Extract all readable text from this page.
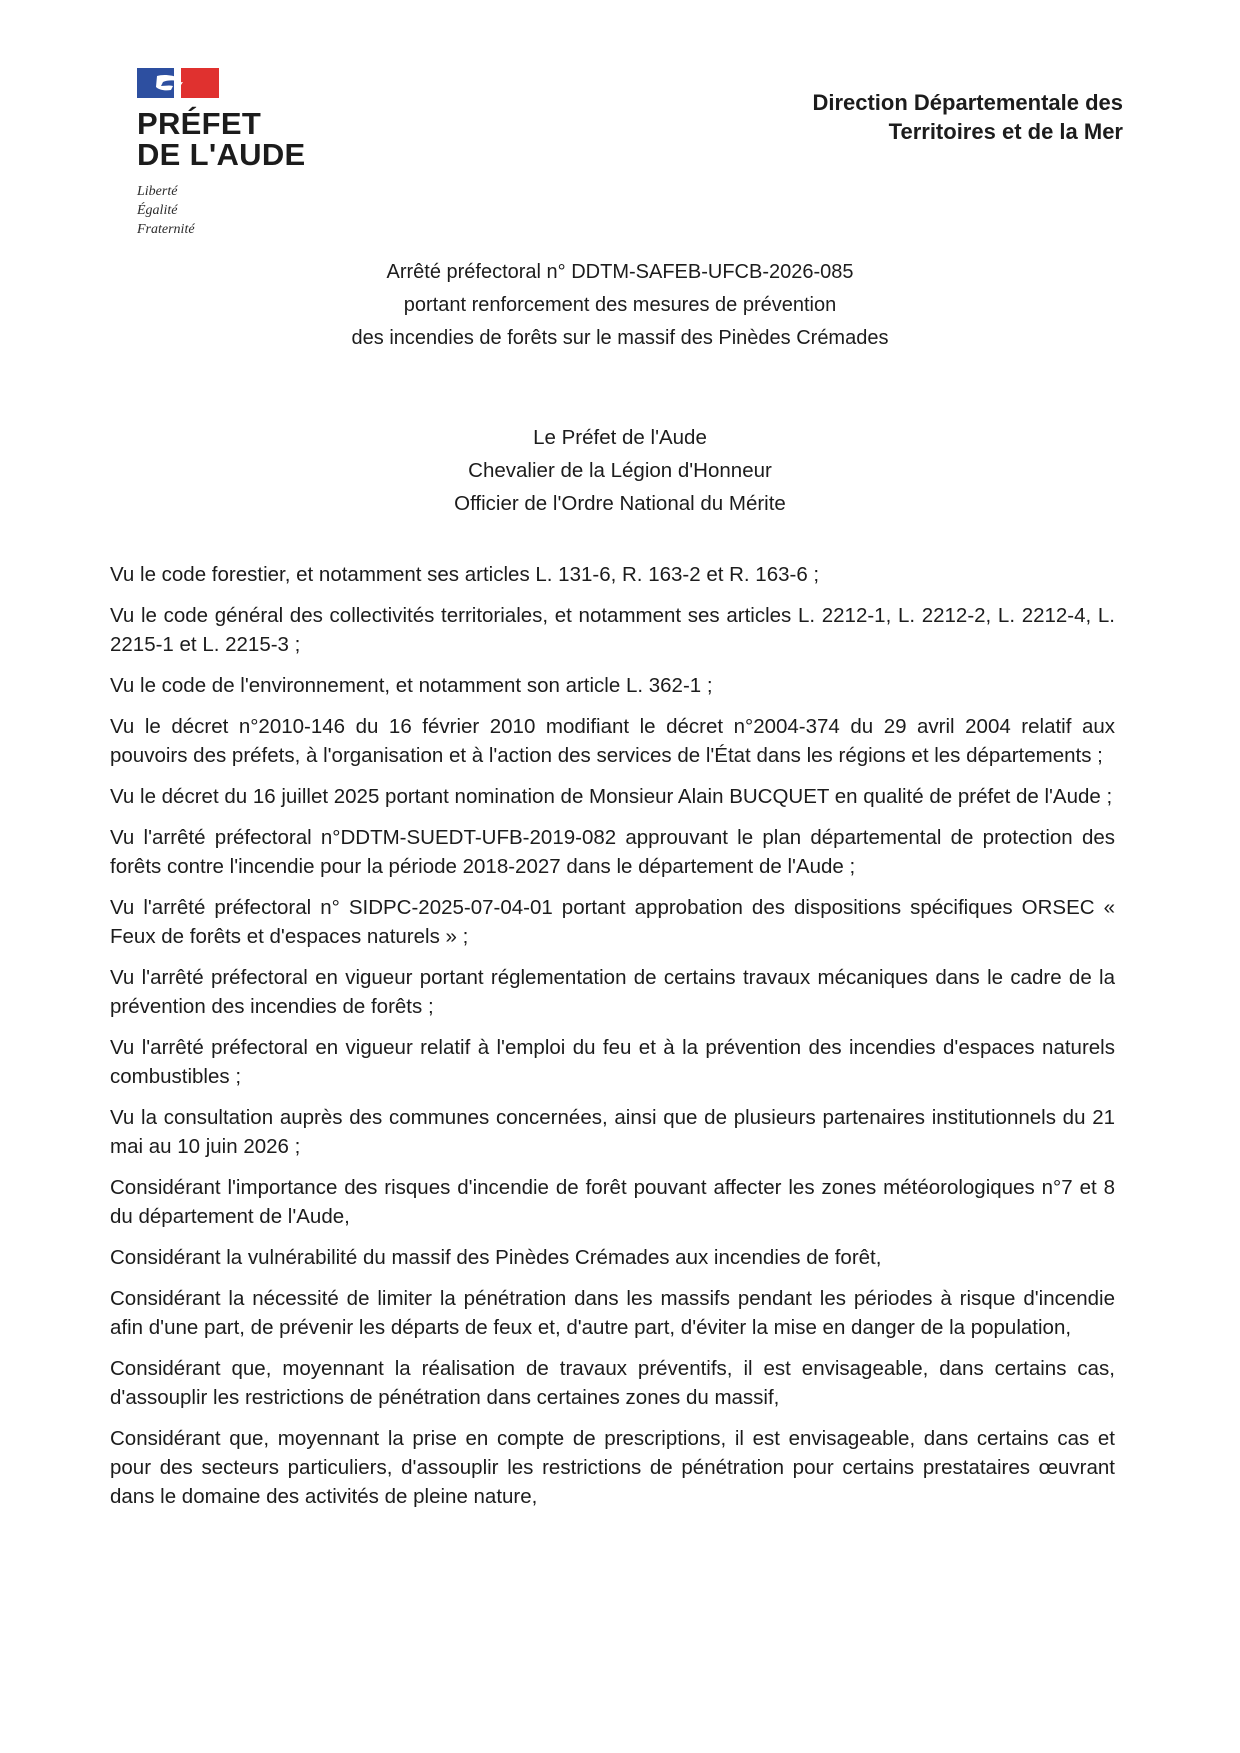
PRÉFET
DE L'AUDE
Liberté
Égalité
Fraternité
Direction Départementale des
Territoires et de la Mer
Arrêté préfectoral n° DDTM-SAFEB-UFCB-2026-085
portant renforcement des mesures de prévention
des incendies de forêts sur le massif des Pinèdes Crémades
Le Préfet de l'Aude
Chevalier de la Légion d'Honneur
Officier de l'Ordre National du Mérite

Vu le code forestier, et notamment ses articles L. 131-6, R. 163-2 et R. 163-6 ;

Vu le code général des collectivités territoriales, et notamment ses articles L. 2212-1, L. 2212-2, L. 2212-4, L. 2215-1 et L. 2215-3 ;

Vu le code de l'environnement, et notamment son article L. 362-1 ;

Vu le décret n°2010-146 du 16 février 2010 modifiant le décret n°2004-374 du 29 avril 2004 relatif aux pouvoirs des préfets, à l'organisation et à l'action des services de l'État dans les régions et les départements ;

Vu le décret du 16 juillet 2025 portant nomination de Monsieur Alain BUCQUET en qualité de préfet de l'Aude ;

Vu l'arrêté préfectoral n°DDTM-SUEDT-UFB-2019-082 approuvant le plan départemental de protection des forêts contre l'incendie pour la période 2018-2027 dans le département de l'Aude ;

Vu l'arrêté préfectoral n° SIDPC-2025-07-04-01 portant approbation des dispositions spécifiques ORSEC « Feux de forêts et d'espaces naturels » ;

Vu l'arrêté préfectoral en vigueur portant réglementation de certains travaux mécaniques dans le cadre de la prévention des incendies de forêts ;

Vu l'arrêté préfectoral en vigueur relatif à l'emploi du feu et à la prévention des incendies d'espaces naturels combustibles ;

Vu la consultation auprès des communes concernées, ainsi que de plusieurs partenaires institutionnels du 21 mai au 10 juin 2026 ;

Considérant l'importance des risques d'incendie de forêt pouvant affecter les zones météorologiques n°7 et 8 du département de l'Aude,

Considérant la vulnérabilité du massif des Pinèdes Crémades aux incendies de forêt,

Considérant la nécessité de limiter la pénétration dans les massifs pendant les périodes à risque d'incendie afin d'une part, de prévenir les départs de feux et, d'autre part, d'éviter la mise en danger de la population,

Considérant que, moyennant la réalisation de travaux préventifs, il est envisageable, dans certains cas, d'assouplir les restrictions de pénétration dans certaines zones du massif,

Considérant que, moyennant la prise en compte de prescriptions, il est envisageable, dans certains cas et pour des secteurs particuliers, d'assouplir les restrictions de pénétration pour certains prestataires œuvrant dans le domaine des activités de pleine nature,
